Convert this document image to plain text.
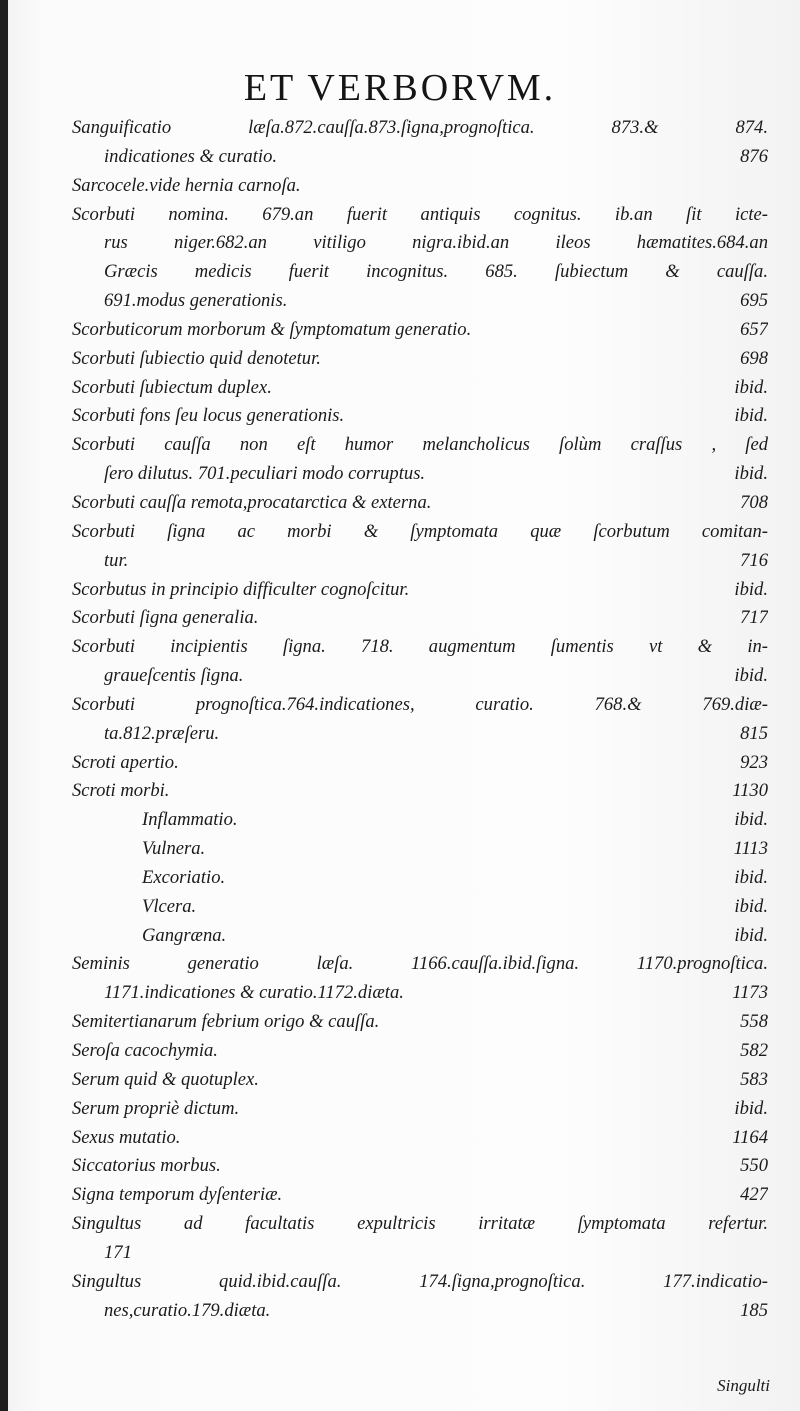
ET VERBORVM.
Sanguificatio læſa.872.cauſſa.873.ſigna,prognoſtica. 873.& 874.
indicationes & curatio.	876
Sarcocele.vide hernia carnoſa.
Scorbuti nomina. 679.an fuerit antiquis cognitus. ib.an ſit icte-
rus niger.682.an vitiligo nigra.ibid.an ileos hæmatites.684.an
Græcis medicis fuerit incognitus. 685. ſubiectum & cauſſa.
691.modus generationis.	695
Scorbuticorum morborum & ſymptomatum generatio.	657
Scorbuti ſubiectio quid denotetur.	698
Scorbuti ſubiectum duplex.	ibid.
Scorbuti fons ſeu locus generationis.	ibid.
Scorbuti cauſſa non eſt humor melancholicus ſolùm craſſus , ſed
ſero dilutus. 701.peculiari modo corruptus.	ibid.
Scorbuti cauſſa remota,procatarctica & externa.	708
Scorbuti ſigna ac morbi & ſymptomata quæ ſcorbutum comitan-
tur.	716
Scorbutus in principio difficulter cognoſcitur.	ibid.
Scorbuti ſigna generalia.	717
Scorbuti incipientis ſigna. 718. augmentum ſumentis vt & in-
graueſcentis ſigna.	ibid.
Scorbuti prognoſtica.764.indicationes, curatio. 768.& 769.diæ-
ta.812.præſeru.	815
Scroti apertio.	923
Scroti morbi.	1130
Inflammatio.	ibid.
Vulnera.	1113
Excoriatio.	ibid.
Vlcera.	ibid.
Gangræna.	ibid.
Seminis generatio læſa. 1166.cauſſa.ibid.ſigna. 1170.prognoſtica.
1171.indicationes & curatio.1172.diæta.	1173
Semitertianarum febrium origo & cauſſa.	558
Seroſa cacochymia.	582
Serum quid & quotuplex.	583
Serum propriè dictum.	ibid.
Sexus mutatio.	1164
Siccatorius morbus.	550
Signa temporum dyſenteriæ.	427
Singultus ad facultatis expultricis irritatæ ſymptomata refertur.
171
Singultus quid.ibid.cauſſa. 174.ſigna,prognoſtica. 177.indicatio-
nes,curatio.179.diæta.	185
Singulti
